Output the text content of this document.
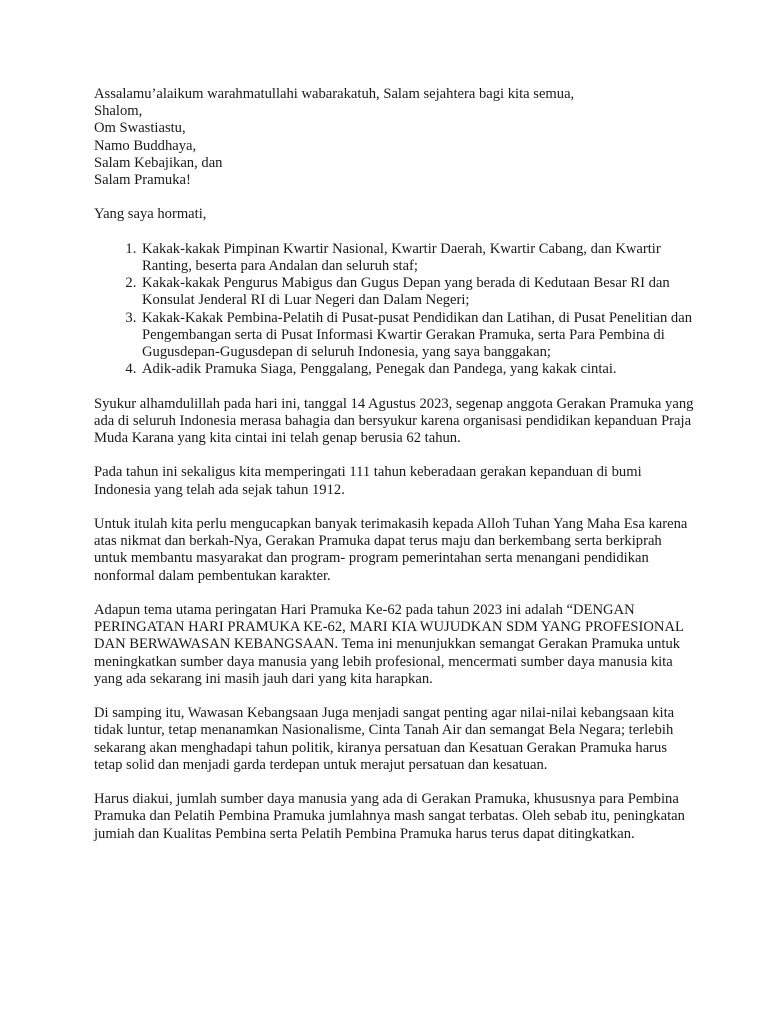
Assalamu’alaikum warahmatullahi wabarakatuh, Salam sejahtera bagi kita semua,
Shalom,
Om Swastiastu,
Namo Buddhaya,
Salam Kebajikan, dan
Salam Pramuka!

Yang saya hormati,

1. Kakak-kakak Pimpinan Kwartir Nasional, Kwartir Daerah, Kwartir Cabang, dan Kwartir Ranting, beserta para Andalan dan seluruh staf;
2. Kakak-kakak Pengurus Mabigus dan Gugus Depan yang berada di Kedutaan Besar RI dan Konsulat Jenderal RI di Luar Negeri dan Dalam Negeri;
3. Kakak-Kakak Pembina-Pelatih di Pusat-pusat Pendidikan dan Latihan, di Pusat Penelitian dan Pengembangan serta di Pusat Informasi Kwartir Gerakan Pramuka, serta Para Pembina di Gugusdepan-Gugusdepan di seluruh Indonesia, yang saya banggakan;
4. Adik-adik Pramuka Siaga, Penggalang, Penegak dan Pandega, yang kakak cintai.

Syukur alhamdulillah pada hari ini, tanggal 14 Agustus 2023, segenap anggota Gerakan Pramuka yang ada di seluruh Indonesia merasa bahagia dan bersyukur karena organisasi pendidikan kepanduan Praja Muda Karana yang kita cintai ini telah genap berusia 62 tahun.

Pada tahun ini sekaligus kita memperingati 111 tahun keberadaan gerakan kepanduan di bumi Indonesia yang telah ada sejak tahun 1912.

Untuk itulah kita perlu mengucapkan banyak terimakasih kepada Alloh Tuhan Yang Maha Esa karena atas nikmat dan berkah-Nya, Gerakan Pramuka dapat terus maju dan berkembang serta berkiprah untuk membantu masyarakat dan program- program pemerintahan serta menangani pendidikan nonformal dalam pembentukan karakter.

Adapun tema utama peringatan Hari Pramuka Ke-62 pada tahun 2023 ini adalah “DENGAN PERINGATAN HARI PRAMUKA KE-62, MARI KIA WUJUDKAN SDM YANG PROFESIONAL DAN BERWAWASAN KEBANGSAAN. Tema ini menunjukkan semangat Gerakan Pramuka untuk meningkatkan sumber daya manusia yang lebih profesional, mencermati sumber daya manusia kita yang ada sekarang ini masih jauh dari yang kita harapkan.

Di samping itu, Wawasan Kebangsaan Juga menjadi sangat penting agar nilai-nilai kebangsaan kita tidak luntur, tetap menanamkan Nasionalisme, Cinta Tanah Air dan semangat Bela Negara; terlebih sekarang akan menghadapi tahun politik, kiranya persatuan dan Kesatuan Gerakan Pramuka harus tetap solid dan menjadi garda terdepan untuk merajut persatuan dan kesatuan.

Harus diakui, jumlah sumber daya manusia yang ada di Gerakan Pramuka, khususnya para Pembina Pramuka dan Pelatih Pembina Pramuka jumlahnya mash sangat terbatas. Oleh sebab itu, peningkatan jumiah dan Kualitas Pembina serta Pelatih Pembina Pramuka harus terus dapat ditingkatkan.
